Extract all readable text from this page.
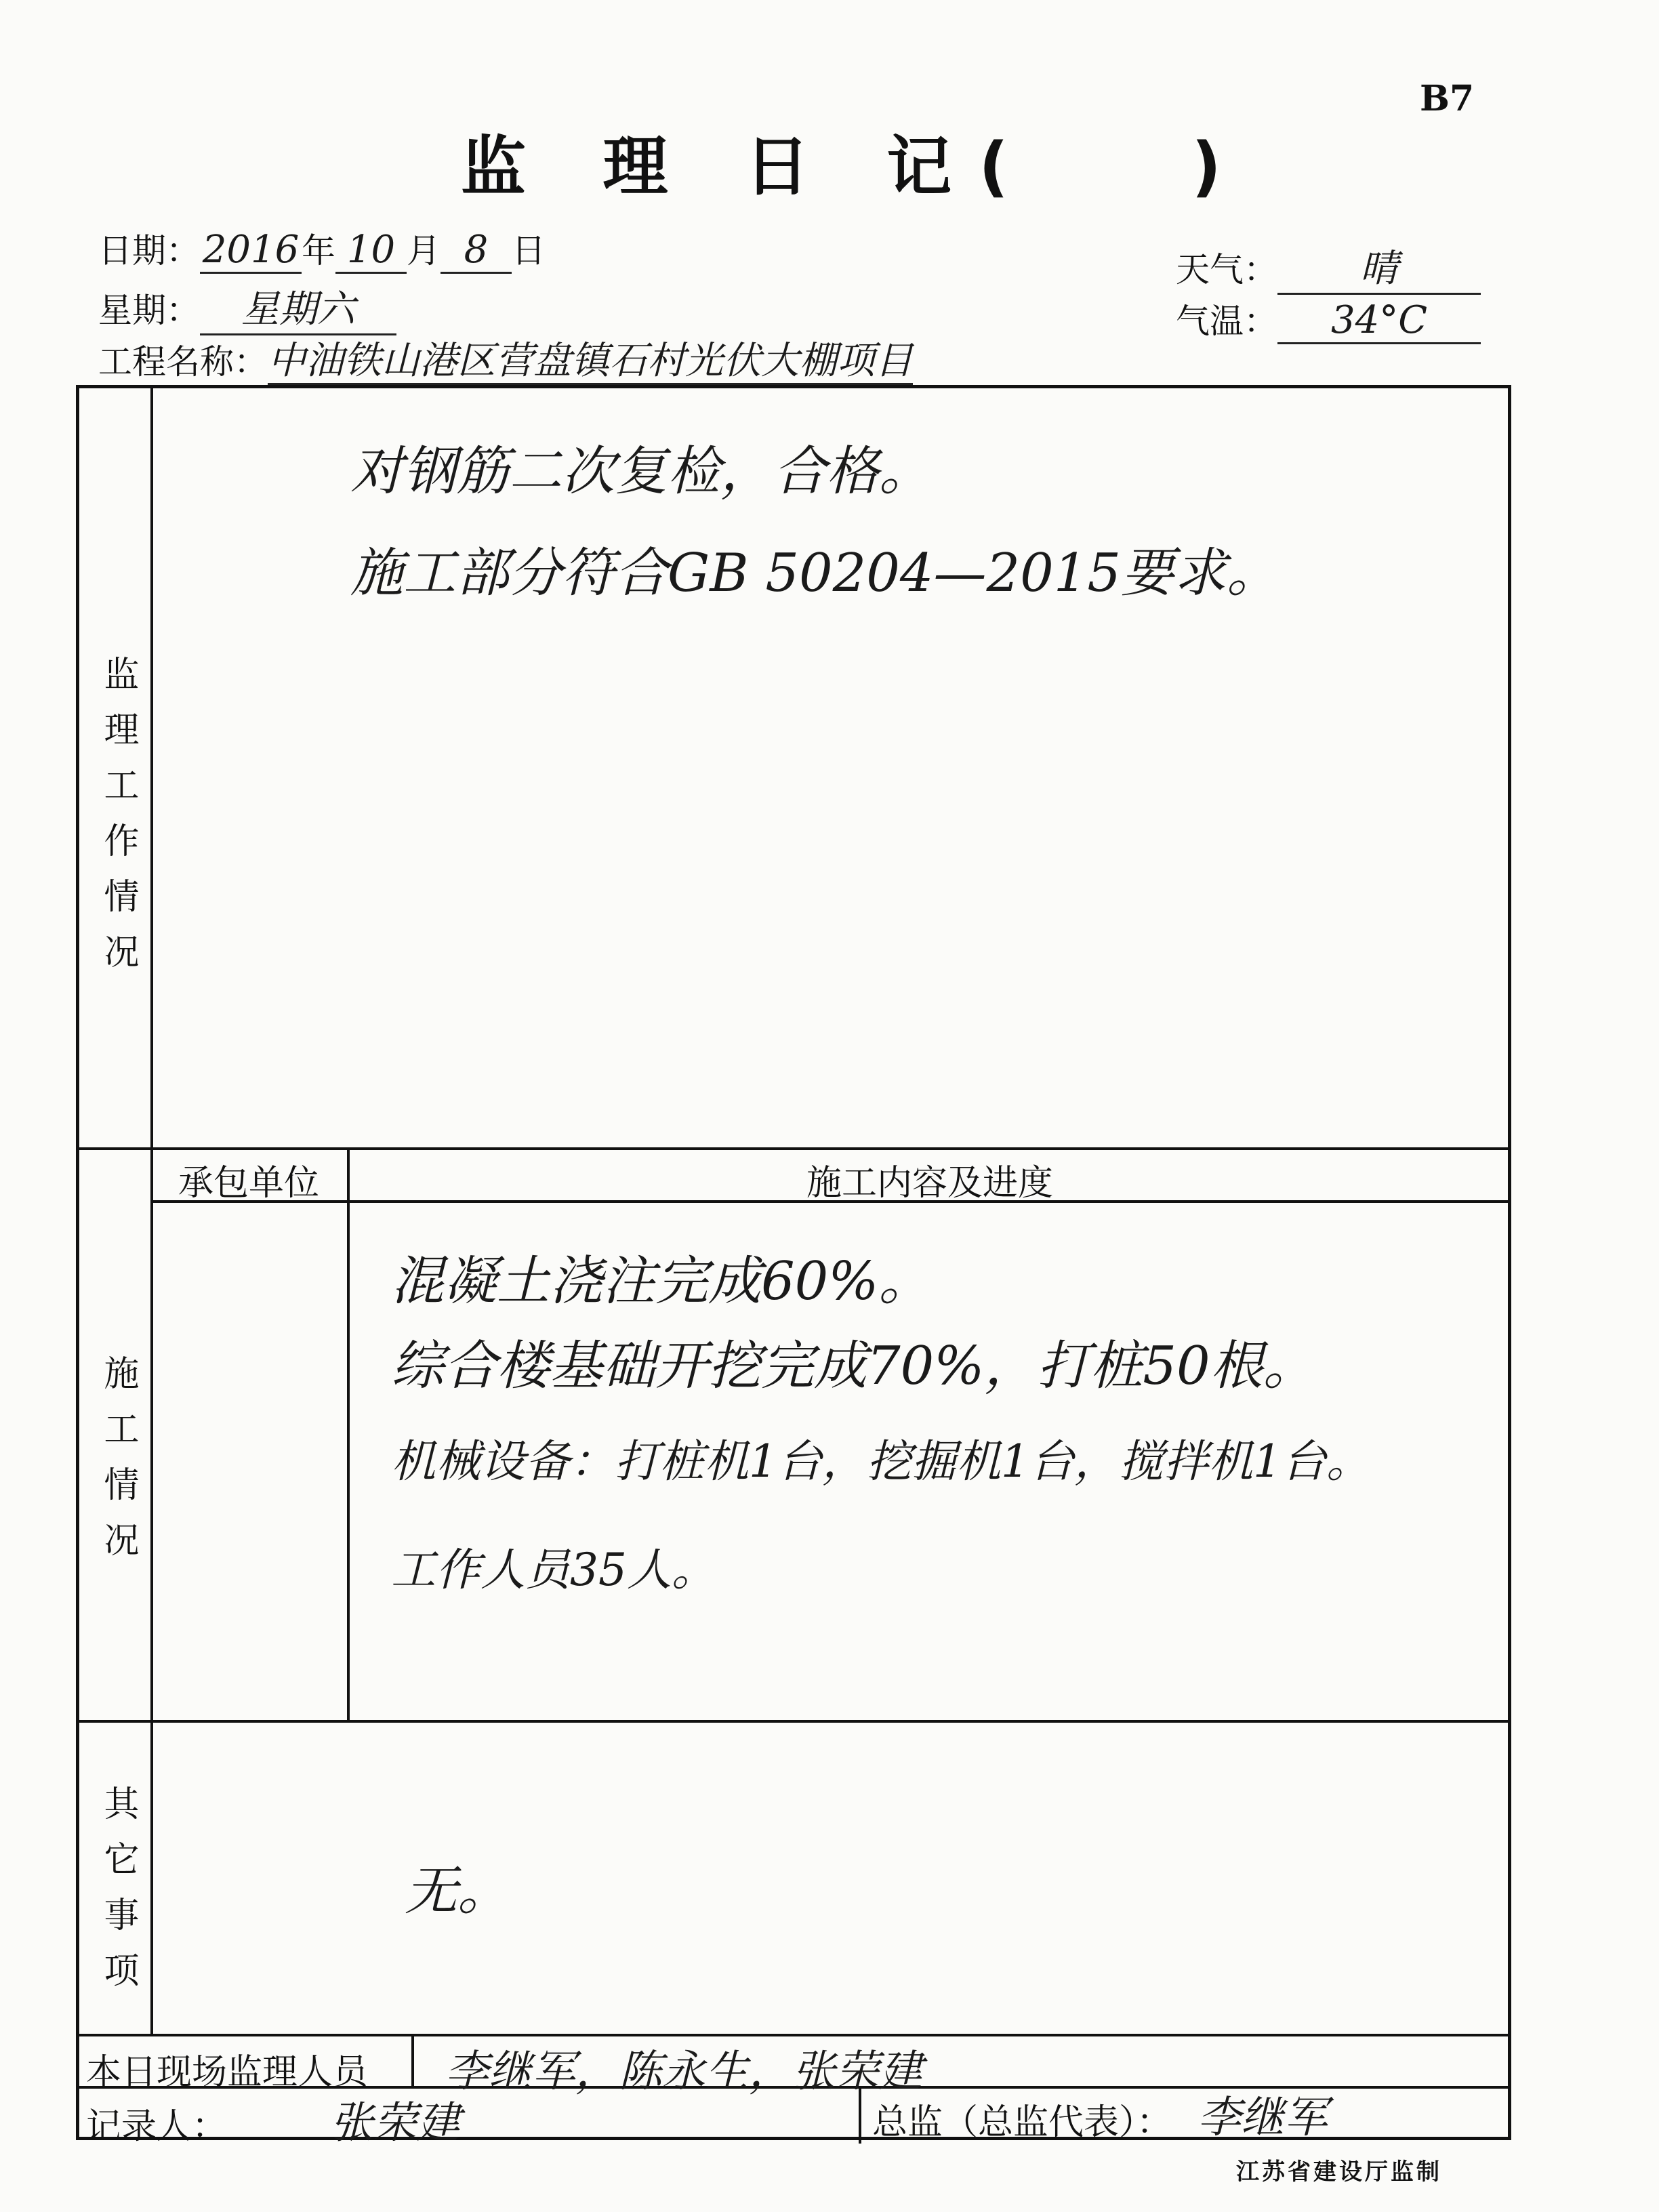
B7
监 理 日 记( )
日期：2016年 10 月 8 日
星期： 星期六
工程名称：中油铁山港区营盘镇石村光伏大棚项目
天气： 晴
气温： 34°C
监理工作情况
对钢筋二次复检，合格。
施工部分符合GB 50204—2015要求。
施工情况
承包单位	施工内容及进度
混凝土浇注完成60%。
综合楼基础开挖完成70%，打桩50根。
机械设备：打桩机1台，挖掘机1台，搅拌机1台。
工作人员35人。
其它事项	无。
本日现场监理人员	李继军，陈永生，张荣建
记录人： 张荣建	总监（总监代表）： 李继军
江苏省建设厅监制
